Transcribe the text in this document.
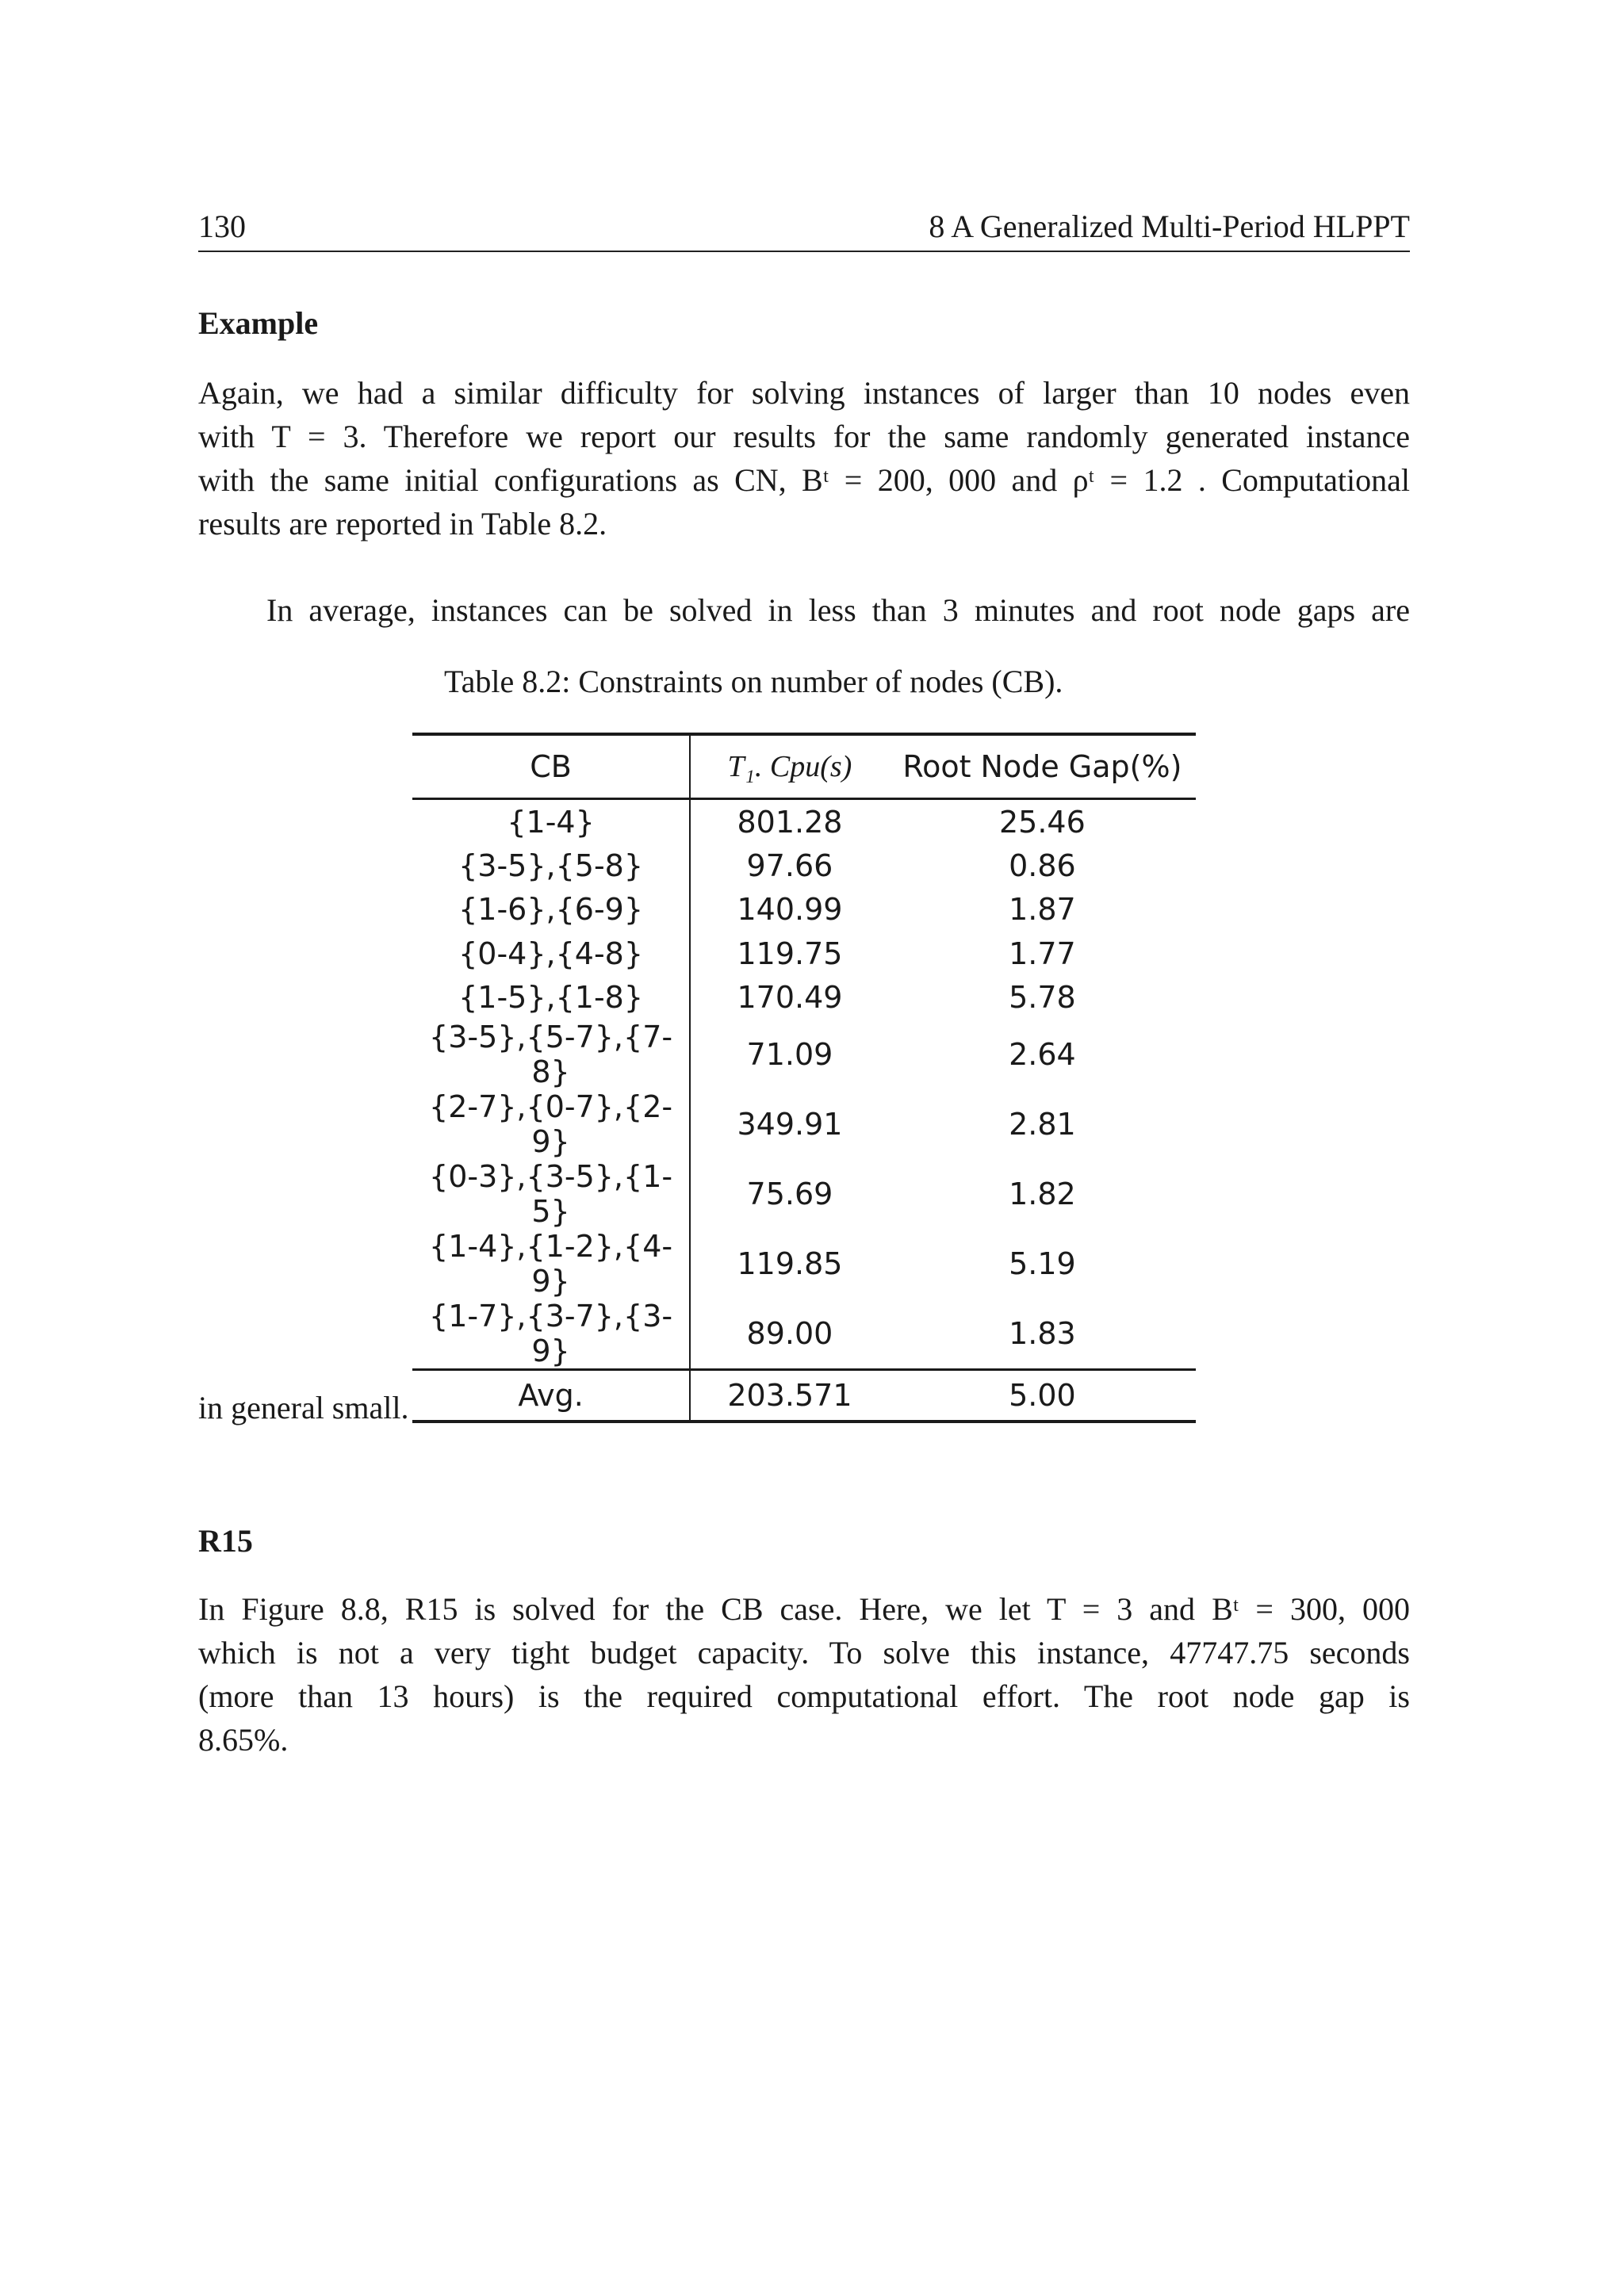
130	8 A Generalized Multi-Period HLPPT
Example

Again, we had a similar difficulty for solving instances of larger than 10 nodes even
with T = 3. Therefore we report our results for the same randomly generated instance
with the same initial configurations as CN, Bᵗ = 200, 000 and ρᵗ = 1.2 . Computational
results are reported in Table 8.2.

In average, instances can be solved in less than 3 minutes and root node gaps are

Table 8.2: Constraints on number of nodes (CB).
CB	T₁. Cpu(s)	Root Node Gap(%)
{1-4}	801.28	25.46
{3-5},{5-8}	97.66	0.86
{1-6},{6-9}	140.99	1.87
{0-4},{4-8}	119.75	1.77
{1-5},{1-8}	170.49	5.78
{3-5},{5-7},{7-8}	71.09	2.64
{2-7},{0-7},{2-9}	349.91	2.81
{0-3},{3-5},{1-5}	75.69	1.82
{1-4},{1-2},{4-9}	119.85	5.19
{1-7},{3-7},{3-9}	89.00	1.83
Avg.	203.571	5.00
in general small.
R15

In Figure 8.8, R15 is solved for the CB case. Here, we let T = 3 and Bᵗ = 300, 000
which is not a very tight budget capacity. To solve this instance, 47747.75 seconds
(more than 13 hours) is the required computational effort. The root node gap is
8.65%.
